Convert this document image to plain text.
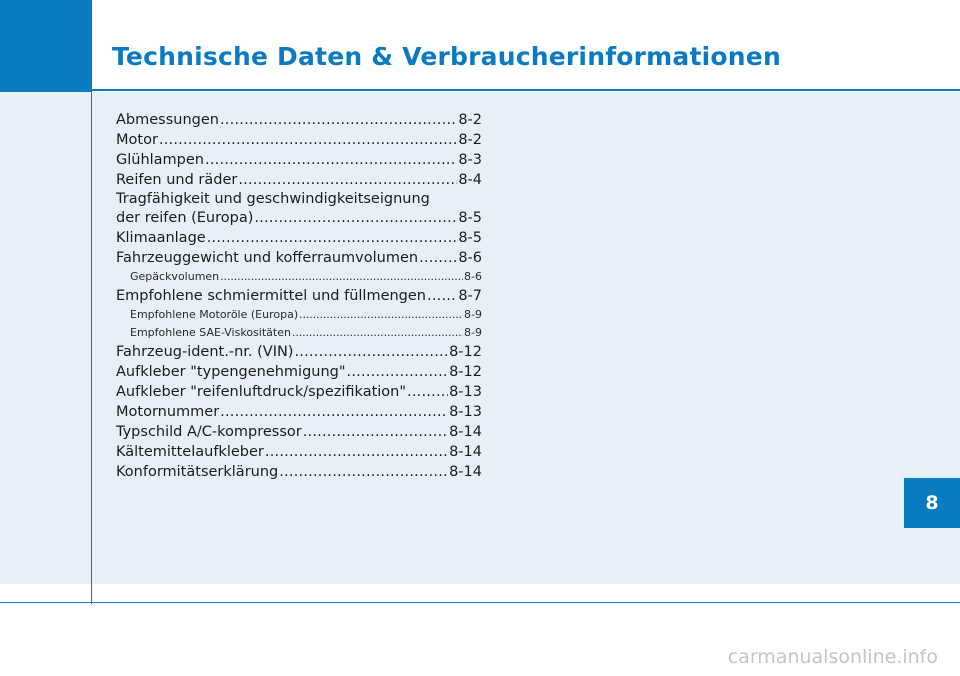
Technische Daten & Verbraucherinformationen
8
Abmessungen . . .	8-2
Motor . . .	8-2
Glühlampen . . .	8-3
Reifen und räder . . .	8-4
Tragfähigkeit und geschwindigkeitseignung
der reifen (Europa) . . .	8-5
Klimaanlage . . .	8-5
Fahrzeuggewicht und kofferraumvolumen . . .	8-6
Gepäckvolumen . . .	8-6
Empfohlene schmiermittel und füllmengen . . . 8-7
Empfohlene Motoröle (Europa) . . .	8-9
Empfohlene SAE-Viskositäten . . .	8-9
Fahrzeug-ident.-nr. (VIN) . . .	8-12
Aufkleber "typengenehmigung" . . .	8-12
Aufkleber "reifenluftdruck/spezifikation" . . .	8-13
Motornummer . . .	8-13
Typschild A/C-kompressor . . .	8-14
Kältemittelaufkleber . . .	8-14
Konformitätserklärung . . .	8-14
carmanualsonline.info
